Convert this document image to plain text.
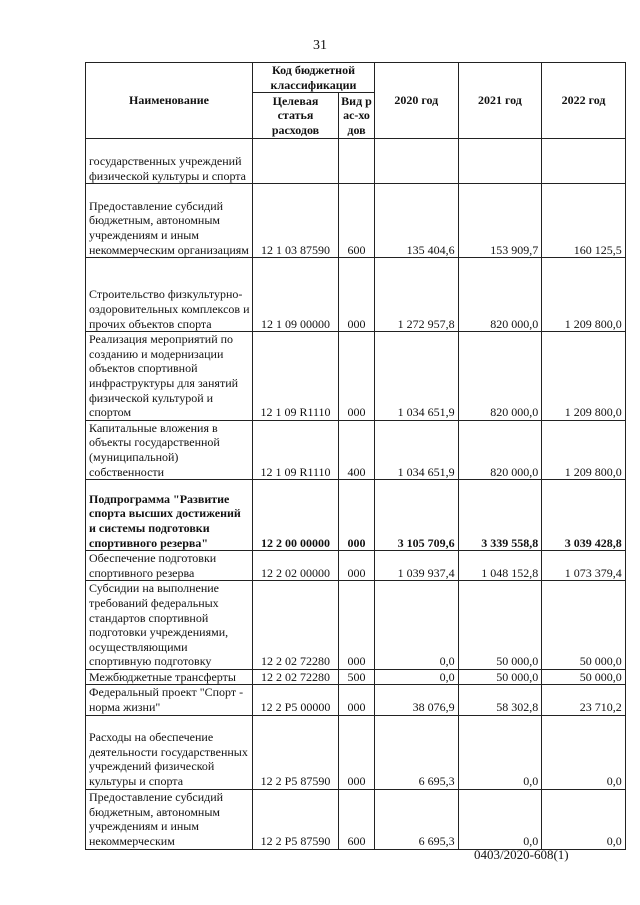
31
Наименование	Код бюджетной классификации		2020 год	2021 год	2022 год
	Целевая статья расходов	Вид рас-ходов			
государственных учреждений физической культуры и спорта					
Предоставление субсидий бюджетным, автономным учреждениям и иным некоммерческим организациям	12 1 03 87590	600	135 404,6	153 909,7	160 125,5
Строительство физкультурно-оздоровительных комплексов и прочих объектов спорта	12 1 09 00000	000	1 272 957,8	820 000,0	1 209 800,0
Реализация мероприятий по созданию и модернизации объектов спортивной инфраструктуры для занятий физической культурой и спортом	12 1 09 R1110	000	1 034 651,9	820 000,0	1 209 800,0
Капитальные вложения в объекты государственной (муниципальной) собственности	12 1 09 R1110	400	1 034 651,9	820 000,0	1 209 800,0
Подпрограмма "Развитие спорта высших достижений и системы подготовки спортивного резерва"	12 2 00 00000	000	3 105 709,6	3 339 558,8	3 039 428,8
Обеспечение подготовки спортивного резерва	12 2 02 00000	000	1 039 937,4	1 048 152,8	1 073 379,4
Субсидии на выполнение требований федеральных стандартов спортивной подготовки учреждениями, осуществляющими спортивную подготовку	12 2 02 72280	000	0,0	50 000,0	50 000,0
Межбюджетные трансферты	12 2 02 72280	500	0,0	50 000,0	50 000,0
Федеральный проект "Спорт - норма жизни"	12 2 P5 00000	000	38 076,9	58 302,8	23 710,2
Расходы на обеспечение деятельности государственных учреждений физической культуры и спорта	12 2 P5 87590	000	6 695,3	0,0	0,0
Предоставление субсидий бюджетным, автономным учреждениям и иным некоммерческим	12 2 P5 87590	600	6 695,3	0,0	0,0
0403/2020-608(1)
